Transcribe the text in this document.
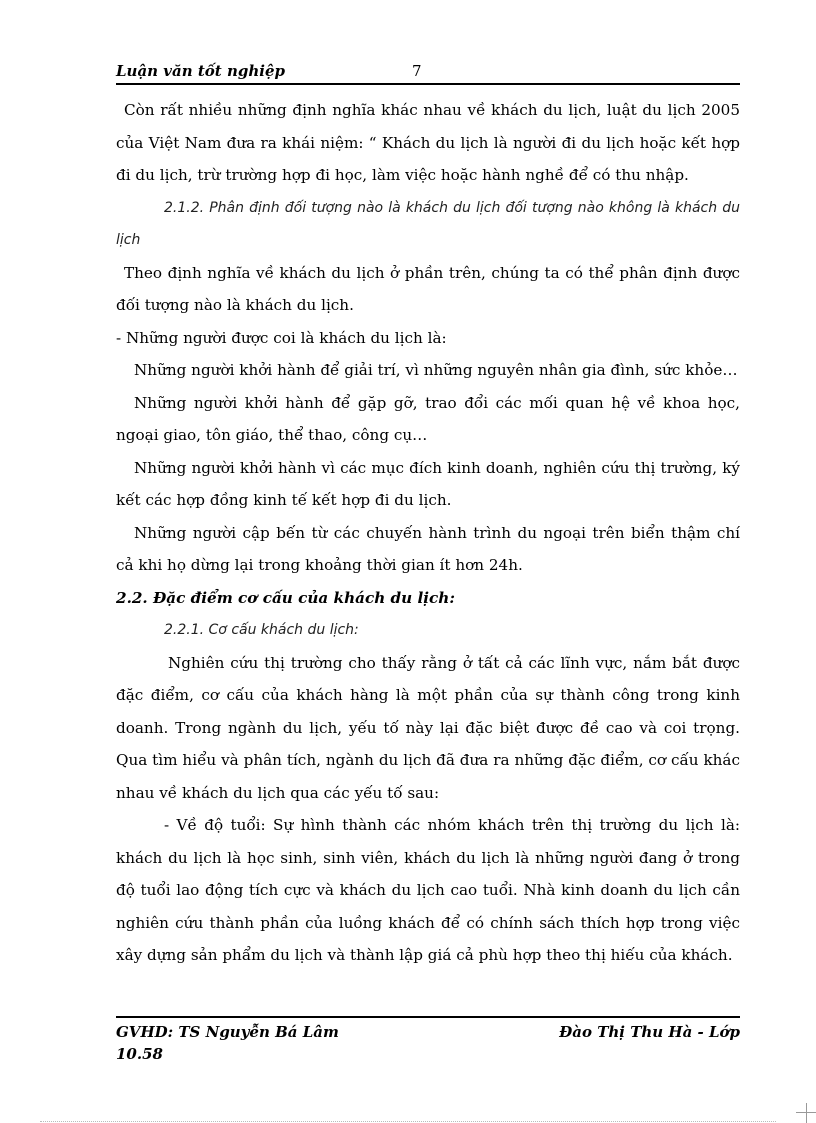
Luận văn tốt nghiệp	7

Còn rất nhiều những định nghĩa khác nhau về khách du lịch, luật du lịch 2005 của Việt Nam đưa ra khái niệm: “ Khách du lịch là người đi du lịch hoặc kết hợp đi du lịch, trừ trường hợp đi học, làm việc hoặc hành nghề để có thu nhập.

2.1.2. Phân định đối tượng nào là khách du lịch đối tượng nào không là khách du lịch

Theo định nghĩa về khách du lịch ở phần trên, chúng ta có thể phân định được đối tượng nào là khách du lịch.

- Những người được coi là khách du lịch là:

Những người khởi hành để giải trí, vì những nguyên nhân gia đình, sức khỏe…

Những người khởi hành để gặp gỡ, trao đổi các mối quan hệ về khoa học, ngoại giao, tôn giáo, thể thao, công cụ…

Những người khởi hành vì các mục đích kinh doanh, nghiên cứu thị trường, ký kết các hợp đồng kinh tế kết hợp đi du lịch.

Những người cập bến từ các chuyến hành trình du ngoại trên biển thậm chí cả khi họ dừng lại trong khoảng thời gian ít hơn 24h.

2.2. Đặc điểm cơ cấu của khách du lịch:

2.2.1. Cơ cấu khách du lịch:

Nghiên cứu thị trường cho thấy rằng ở tất cả các lĩnh vực, nắm bắt được đặc điểm, cơ cấu của khách hàng là một phần của sự thành công trong kinh doanh. Trong ngành du lịch, yếu tố này lại đặc biệt được đề cao và coi trọng. Qua tìm hiểu và phân tích, ngành du lịch đã đưa ra những đặc điểm, cơ cấu khác nhau về khách du lịch qua các yếu tố sau:

- Về độ tuổi: Sự hình thành các nhóm khách trên thị trường du lịch là: khách du lịch là học sinh, sinh viên, khách du lịch là những người đang ở trong độ tuổi lao động tích cực và khách du lịch cao tuổi. Nhà kinh doanh du lịch cần nghiên cứu thành phần của luồng khách để có chính sách thích hợp trong việc xây dựng sản phẩm du lịch và thành lập giá cả phù hợp theo thị hiếu của khách.

GVHD: TS Nguyễn Bá Lâm	Đào Thị Thu Hà - Lớp
10.58
